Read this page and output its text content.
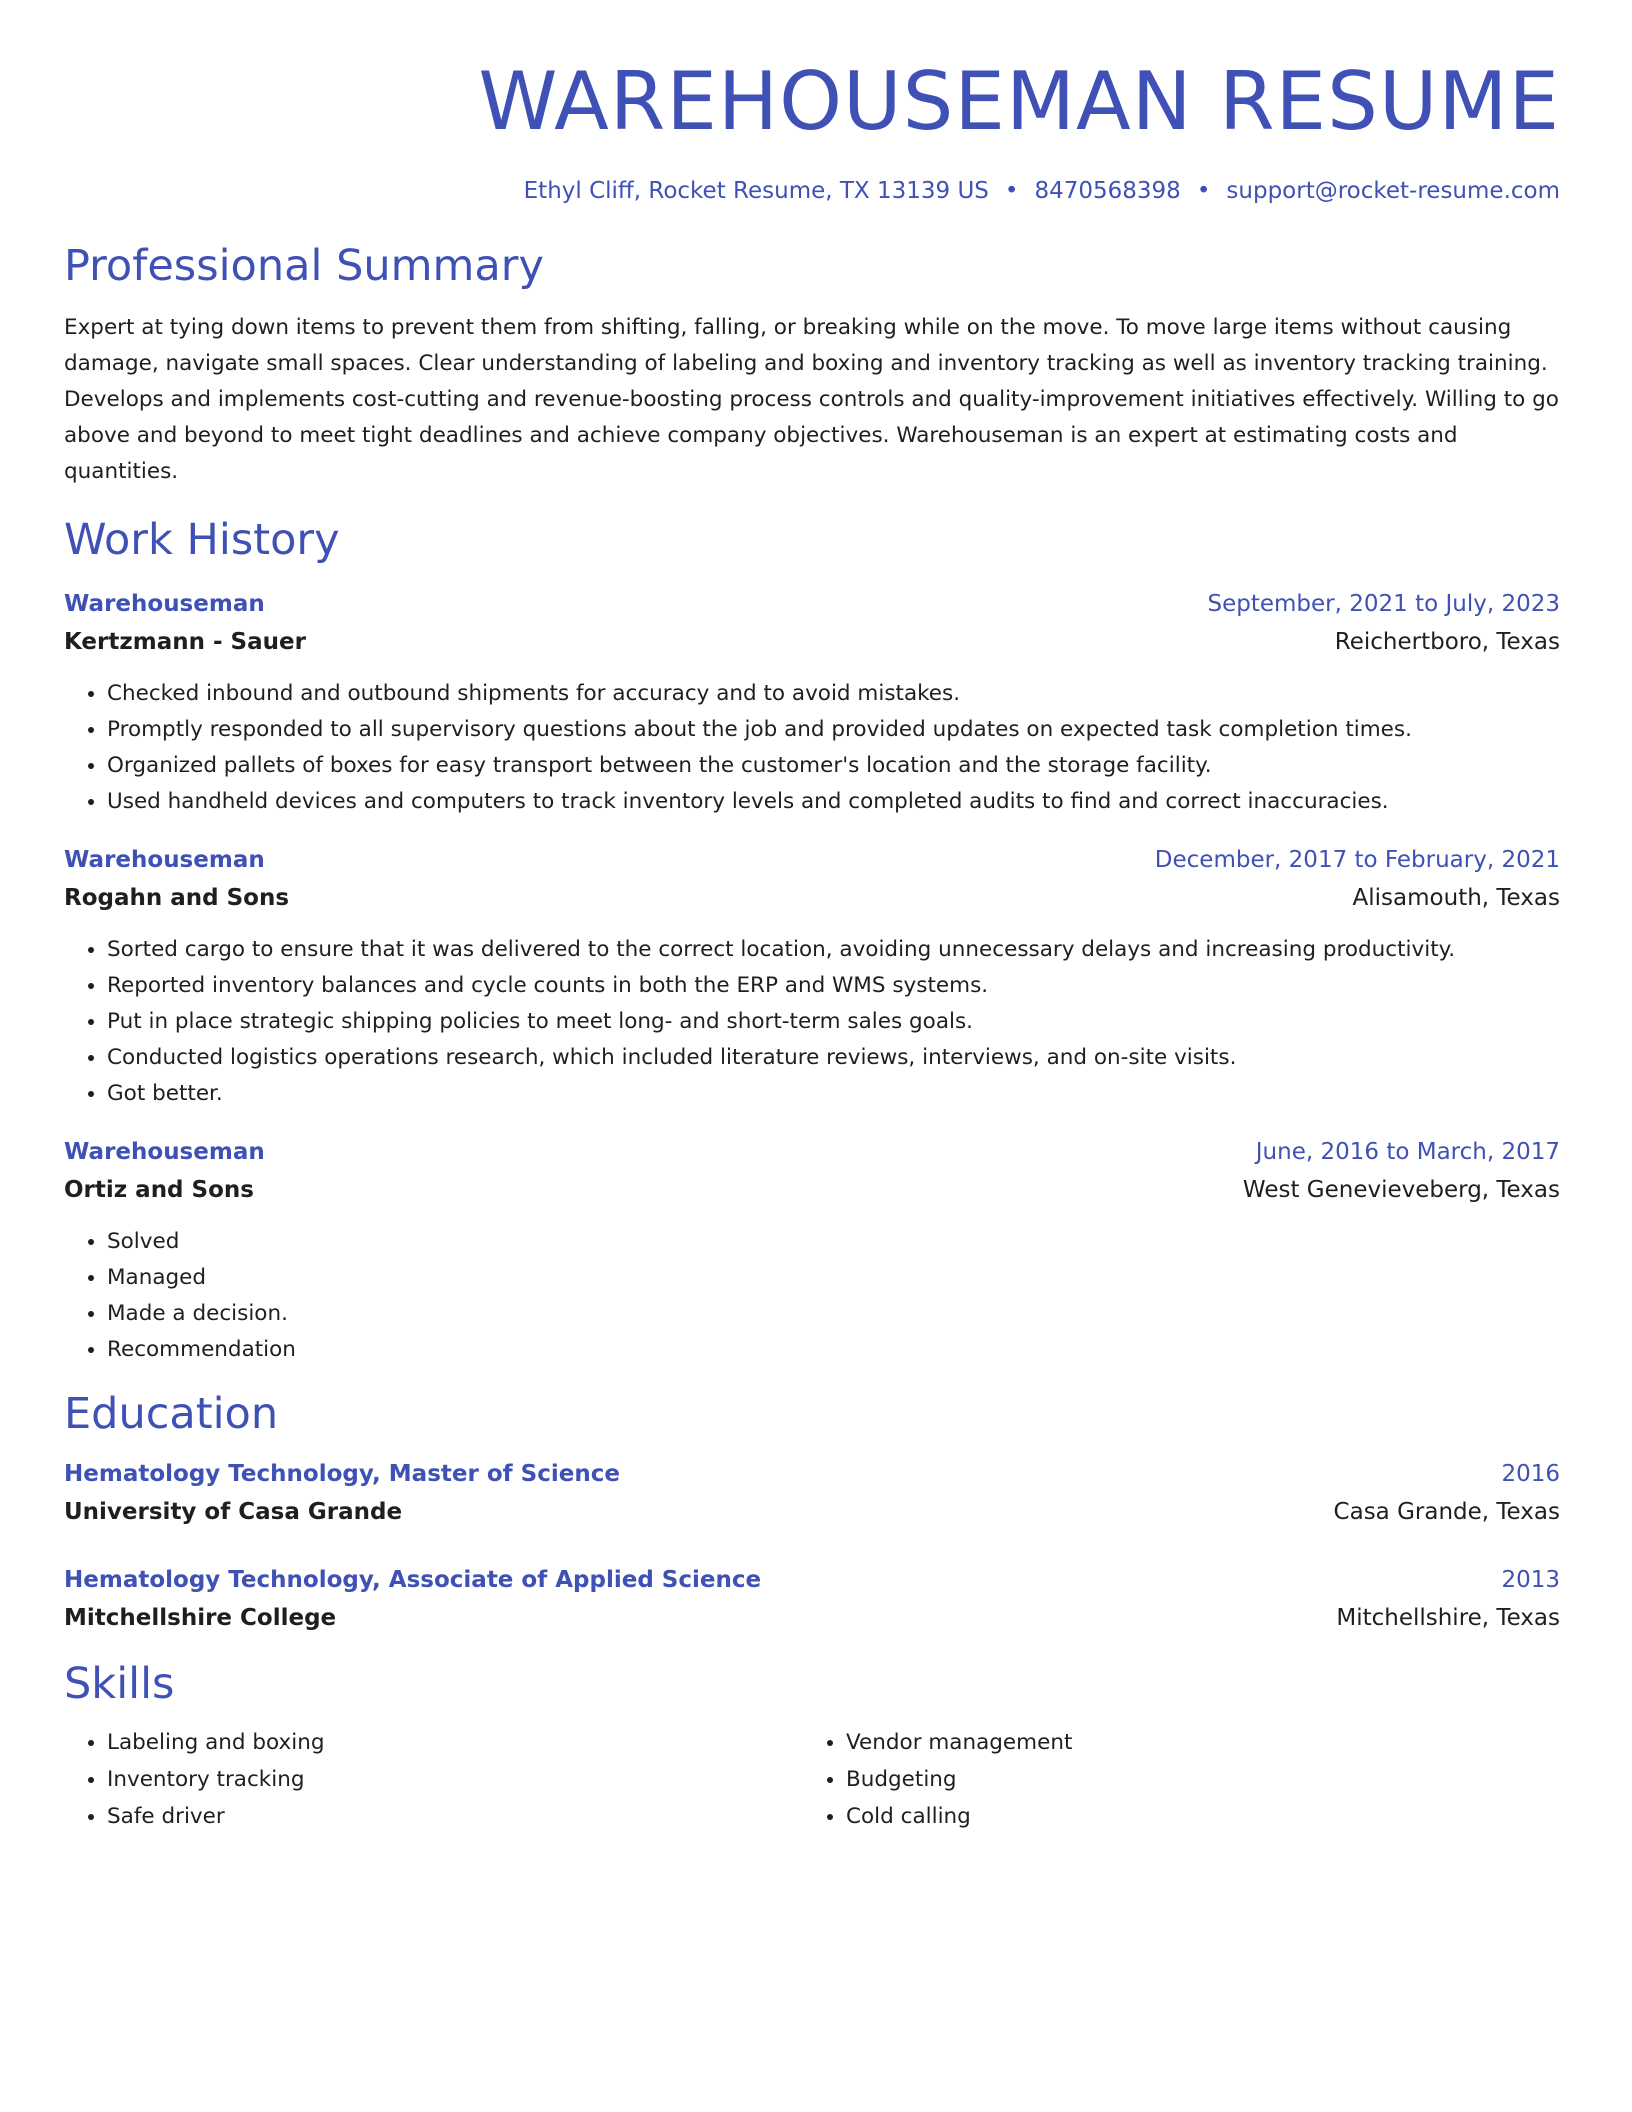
WAREHOUSEMAN RESUME
Ethyl Cliff, Rocket Resume, TX 13139 US • 8470568398 • support@rocket-resume.com
Professional Summary
Expert at tying down items to prevent them from shifting, falling, or breaking while on the move. To move large items without causing damage, navigate small spaces. Clear understanding of labeling and boxing and inventory tracking as well as inventory tracking training. Develops and implements cost-cutting and revenue-boosting process controls and quality-improvement initiatives effectively. Willing to go above and beyond to meet tight deadlines and achieve company objectives. Warehouseman is an expert at estimating costs and quantities.
Work History
Warehouseman	September, 2021 to July, 2023
Kertzmann - Sauer	Reichertboro, Texas
• Checked inbound and outbound shipments for accuracy and to avoid mistakes.
• Promptly responded to all supervisory questions about the job and provided updates on expected task completion times.
• Organized pallets of boxes for easy transport between the customer's location and the storage facility.
• Used handheld devices and computers to track inventory levels and completed audits to find and correct inaccuracies.
Warehouseman	December, 2017 to February, 2021
Rogahn and Sons	Alisamouth, Texas
• Sorted cargo to ensure that it was delivered to the correct location, avoiding unnecessary delays and increasing productivity.
• Reported inventory balances and cycle counts in both the ERP and WMS systems.
• Put in place strategic shipping policies to meet long- and short-term sales goals.
• Conducted logistics operations research, which included literature reviews, interviews, and on-site visits.
• Got better.
Warehouseman	June, 2016 to March, 2017
Ortiz and Sons	West Genevieveberg, Texas
• Solved
• Managed
• Made a decision.
• Recommendation
Education
Hematology Technology, Master of Science	2016
University of Casa Grande	Casa Grande, Texas
Hematology Technology, Associate of Applied Science	2013
Mitchellshire College	Mitchellshire, Texas
Skills
• Labeling and boxing
• Inventory tracking
• Safe driver
• Vendor management
• Budgeting
• Cold calling
